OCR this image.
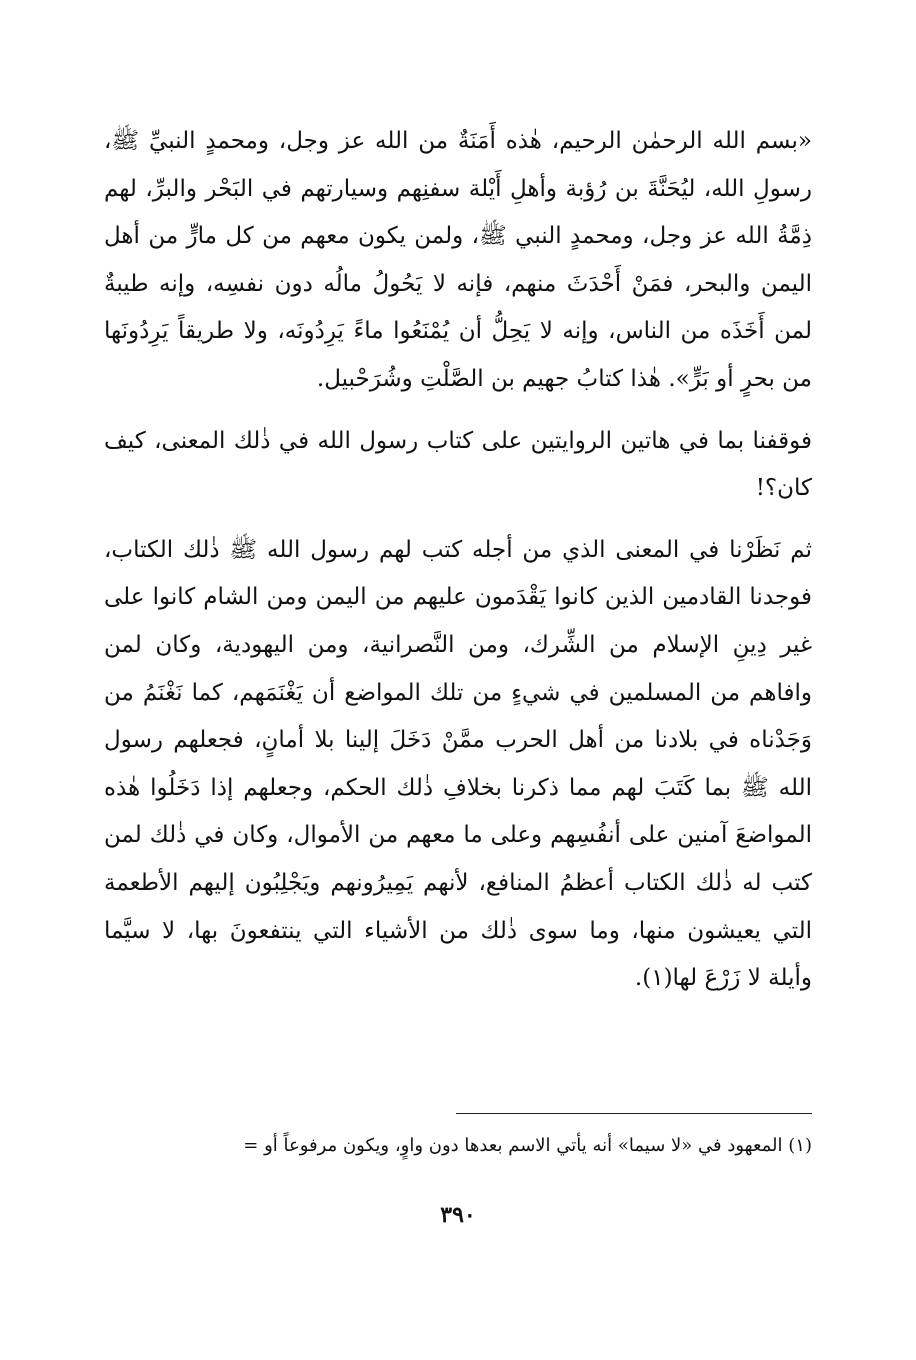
«بسم الله الرحمٰن الرحيم، هٰذه أَمَنَةٌ من الله عز وجل، ومحمدٍ النبيِّ ﷺ، رسولِ الله، ليُحَنَّةَ بن رُؤبة وأهلِ أَيْلة سفنِهم وسيارتهم في البَحْر والبرِّ، لهم ذِمَّةُ الله عز وجل، ومحمدٍ النبي ﷺ، ولمن يكون معهم من كل مارٍّ من أهل اليمن والبحر، فمَنْ أَحْدَثَ منهم، فإنه لا يَحُولُ مالُه دون نفسِه، وإنه طيبةٌ لمن أَخَذَه من الناس، وإنه لا يَحِلُّ أن يُمْنَعُوا ماءً يَرِدُونَه، ولا طريقاً يَرِدُونَها من بحرٍ أو بَرٍّ». هٰذا كتابُ جهيم بن الصَّلْتِ وشُرَحْبيل.

فوقفنا بما في هاتين الروايتين على كتاب رسول الله في ذٰلك المعنى، كيف كان؟!

ثم نَظَرْنا في المعنى الذي من أجله كتب لهم رسول الله ﷺ ذٰلك الكتاب، فوجدنا القادمين الذين كانوا يَقْدَمون عليهم من اليمن ومن الشام كانوا على غير دِينِ الإسلام من الشِّرك، ومن النَّصرانية، ومن اليهودية، وكان لمن وافاهم من المسلمين في شيءٍ من تلك المواضع أن يَغْنَمَهم، كما نَغْنَمُ من وَجَدْناه في بلادنا من أهل الحرب ممَّنْ دَخَلَ إلينا بلا أمانٍ، فجعلهم رسول الله ﷺ بما كَتَبَ لهم مما ذكرنا بخلافِ ذٰلك الحكم، وجعلهم إذا دَخَلُوا هٰذه المواضعَ آمنين على أنفُسِهم وعلى ما معهم من الأموال، وكان في ذٰلك لمن كتب له ذٰلك الكتاب أعظمُ المنافع، لأنهم يَمِيرُونهم ويَجْلِبُون إليهم الأطعمة التي يعيشون منها، وما سوى ذٰلك من الأشياء التي ينتفعونَ بها، لا سيَّما وأيلة لا زَرْعَ لها(١).

(١) المعهود في «لا سيما» أنه يأتي الاسم بعدها دون واوٍ، ويكون مرفوعاً أو =

٣٩٠
